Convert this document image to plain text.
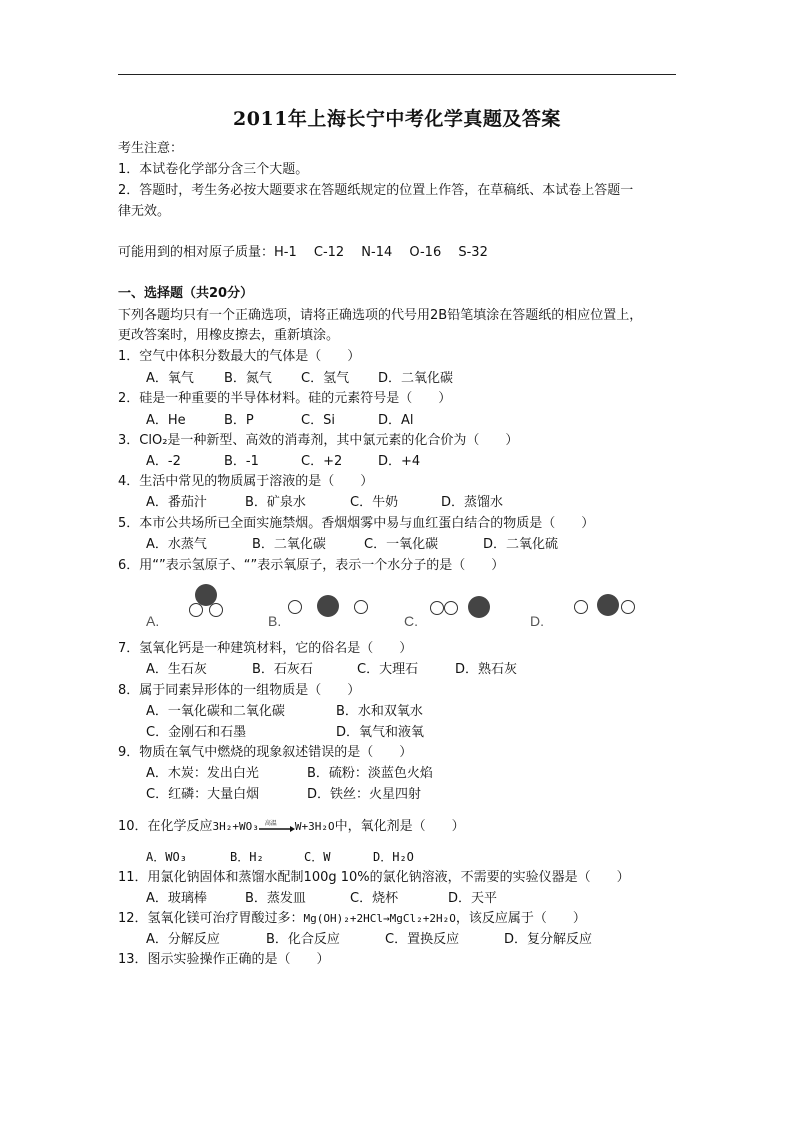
2011年上海长宁中考化学真题及答案
考生注意：
1．本试卷化学部分含三个大题。
2．答题时，考生务必按大题要求在答题纸规定的位置上作答，在草稿纸、本试卷上答题一
律无效。
可能用到的相对原子质量：H-1　 C-12　 N-14　 O-16　 S-32
一、选择题（共20分）
下列各题均只有一个正确选项，请将正确选项的代号用2B铅笔填涂在答题纸的相应位置上，
更改答案时，用橡皮擦去，重新填涂。
1．空气中体积分数最大的气体是（　　）
A．氧气 B．氮气 C．氢气 D．二氧化碳
2．硅是一种重要的半导体材料。硅的元素符号是（　　）
A．He	B．P	C．Si	D．Al
3．ClO₂是一种新型、高效的消毒剂，其中氯元素的化合价为（　　）
A．-2	B．-1	C．+2	D．+4
4．生活中常见的物质属于溶液的是（　　）
A．番茄汁	B．矿泉水	C．牛奶	D．蒸馏水
5．本市公共场所已全面实施禁烟。香烟烟雾中易与血红蛋白结合的物质是（　　）
A．水蒸气	B．二氧化碳	C．一氧化碳	D．二氧化硫
6．用“”表示氢原子、“”表示氧原子，表示一个水分子的是（　　）
A.	B.	C.	D.
7．氢氧化钙是一种建筑材料，它的俗名是（　　）
A．生石灰	B．石灰石	C．大理石	D．熟石灰
8．属于同素异形体的一组物质是（　　）
A．一氧化碳和二氧化碳	B．水和双氧水
C．金刚石和石墨	D．氧气和液氧
9．物质在氧气中燃烧的现象叙述错误的是（　　）
A．木炭：发出白光	B．硫粉：淡蓝色火焰
C．红磷：大量白烟	D．铁丝：火星四射
10．在化学反应3H₂+WO₃ 高温 W+3H₂O中，氧化剂是（　　）
A．WO₃	B．H₂	C．W	D．H₂O
11．用氯化钠固体和蒸馏水配制100g 10%的氯化钠溶液，不需要的实验仪器是（　　）
A．玻璃棒	B．蒸发皿	C．烧杯	D．天平
12．氢氧化镁可治疗胃酸过多：Mg(OH)₂+2HCl→MgCl₂+2H₂O，该反应属于（　　）
A．分解反应	B．化合反应	C．置换反应	D．复分解反应
13．图示实验操作正确的是（　　）
